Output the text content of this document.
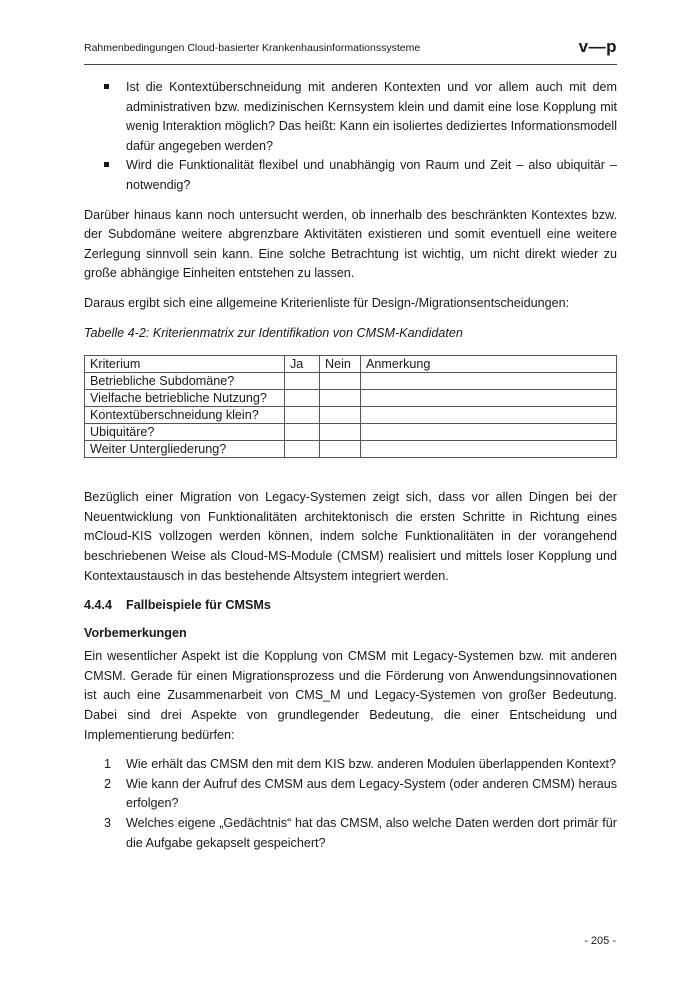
Rahmenbedingungen Cloud-basierter Krankenhausinformationssysteme	v—p
Ist die Kontextüberschneidung mit anderen Kontexten und vor allem auch mit dem administrativen bzw. medizinischen Kernsystem klein und damit eine lose Kopplung mit wenig Interaktion möglich? Das heißt: Kann ein isoliertes dediziertes Informationsmodell dafür angegeben werden?
Wird die Funktionalität flexibel und unabhängig von Raum und Zeit – also ubiquitär – notwendig?

Darüber hinaus kann noch untersucht werden, ob innerhalb des beschränkten Kontextes bzw. der Subdomäne weitere abgrenzbare Aktivitäten existieren und somit eventuell eine weitere Zerlegung sinnvoll sein kann. Eine solche Betrachtung ist wichtig, um nicht direkt wieder zu große abhängige Einheiten entstehen zu lassen.

Daraus ergibt sich eine allgemeine Kriterienliste für Design-/Migrationsentscheidungen:

Tabelle 4-2: Kriterienmatrix zur Identifikation von CMSM-Kandidaten
Kriterium	Ja	Nein	Anmerkung
Betriebliche Subdomäne?			
Vielfache betriebliche Nutzung?			
Kontextüberschneidung klein?			
Ubiquitäre?			
Weiter Untergliederung?			

Bezüglich einer Migration von Legacy-Systemen zeigt sich, dass vor allen Dingen bei der Neuentwicklung von Funktionalitäten architektonisch die ersten Schritte in Richtung eines mCloud-KIS vollzogen werden können, indem solche Funktionalitäten in der vorangehend beschriebenen Weise als Cloud-MS-Module (CMSM) realisiert und mittels loser Kopplung und Kontextaustausch in das bestehende Altsystem integriert werden.

4.4.4 Fallbeispiele für CMSMs
Vorbemerkungen

Ein wesentlicher Aspekt ist die Kopplung von CMSM mit Legacy-Systemen bzw. mit anderen CMSM. Gerade für einen Migrationsprozess und die Förderung von Anwendungsinnovationen ist auch eine Zusammenarbeit von CMS_M und Legacy-Systemen von großer Bedeutung. Dabei sind drei Aspekte von grundlegender Bedeutung, die einer Entscheidung und Implementierung bedürfen:

1 Wie erhält das CMSM den mit dem KIS bzw. anderen Modulen überlappenden Kontext?
2 Wie kann der Aufruf des CMSM aus dem Legacy-System (oder anderen CMSM) heraus erfolgen?
3 Welches eigene „Gedächtnis“ hat das CMSM, also welche Daten werden dort primär für die Aufgabe gekapselt gespeichert?
- 205 -
